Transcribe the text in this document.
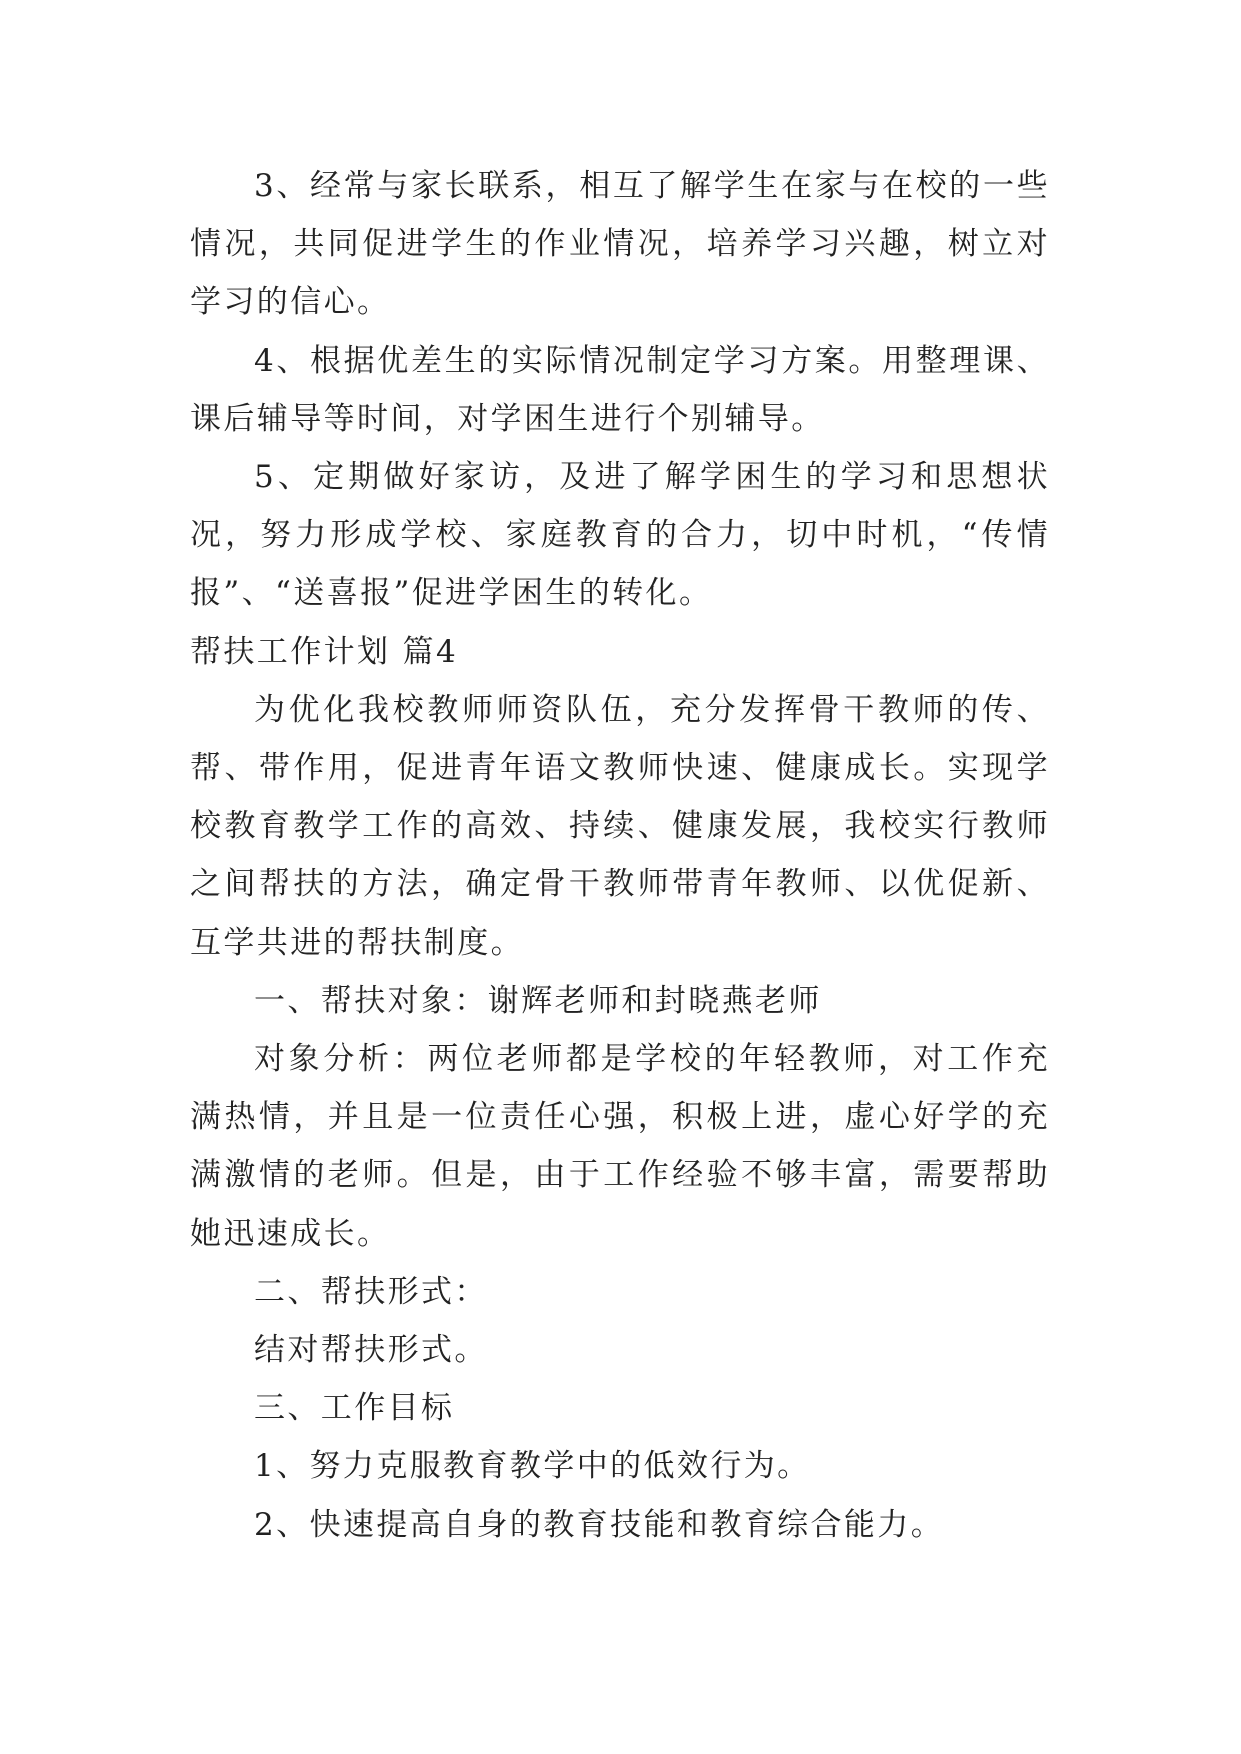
3、经常与家长联系，相互了解学生在家与在校的一些情况，共同促进学生的作业情况，培养学习兴趣，树立对学习的信心。

4、根据优差生的实际情况制定学习方案。用整理课、课后辅导等时间，对学困生进行个别辅导。

5、定期做好家访，及进了解学困生的学习和思想状况，努力形成学校、家庭教育的合力，切中时机，“传情报”、“送喜报”促进学困生的转化。

帮扶工作计划 篇4

为优化我校教师师资队伍，充分发挥骨干教师的传、帮、带作用，促进青年语文教师快速、健康成长。实现学校教育教学工作的高效、持续、健康发展，我校实行教师之间帮扶的方法，确定骨干教师带青年教师、以优促新、互学共进的帮扶制度。

一、帮扶对象：谢辉老师和封晓燕老师

对象分析：两位老师都是学校的年轻教师，对工作充满热情，并且是一位责任心强，积极上进，虚心好学的充满激情的老师。但是，由于工作经验不够丰富，需要帮助她迅速成长。

二、帮扶形式：

结对帮扶形式。

三、工作目标

1、努力克服教育教学中的低效行为。

2、快速提高自身的教育技能和教育综合能力。
